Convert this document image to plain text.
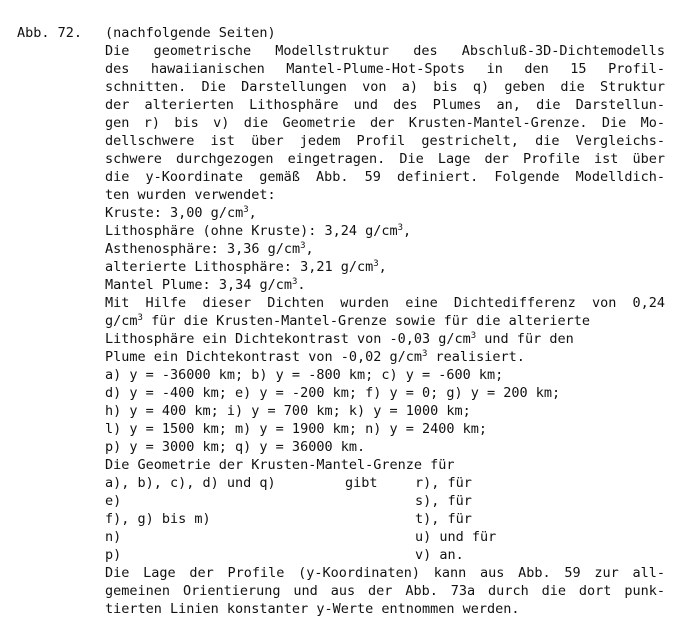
Abb. 72. (nachfolgende Seiten)
Die geometrische Modellstruktur des Abschluß-3D-Dichtemodells
des hawaiianischen Mantel-Plume-Hot-Spots in den 15 Profil-
schnitten. Die Darstellungen von a) bis q) geben die Struktur
der alterierten Lithosphäre und des Plumes an, die Darstellun-
gen r) bis v) die Geometrie der Krusten-Mantel-Grenze. Die Mo-
dellschwere ist über jedem Profil gestrichelt, die Vergleichs-
schwere durchgezogen eingetragen. Die Lage der Profile ist über
die y-Koordinate gemäß Abb. 59 definiert. Folgende Modelldich-
ten wurden verwendet:
Kruste: 3,00 $g/cm^3$,
Lithosphäre (ohne Kruste): 3,24 $g/cm^3$,
Asthenosphäre: 3,36 $g/cm^3$,
alterierte Lithosphäre: 3,21 $g/cm^3$,
Mantel Plume: 3,34 $g/cm^3$.
Mit Hilfe dieser Dichten wurden eine Dichtedifferenz von 0,24
$g/cm^3$ für die Krusten-Mantel-Grenze sowie für die alterierte
Lithosphäre ein Dichtekontrast von -0,03 $g/cm^3$ und für den
Plume ein Dichtekontrast von -0,02 $g/cm^3$ realisiert.
a) y = -36000 km; b) y = -800 km; c) y = -600 km;
d) y = -400 km; e) y = -200 km; f) y = 0; g) y = 200 km;
h) y = 400 km; i) y = 700 km; k) y = 1000 km;
l) y = 1500 km; m) y = 1900 km; n) y = 2400 km;
p) y = 3000 km; q) y = 36000 km.
Die Geometrie der Krusten-Mantel-Grenze für
a), b), c), d) und q)	gibt	r), für
e)	s), für
f), g) bis m)	t), für
n)	u) und für
p)	v) an.
Die Lage der Profile (y-Koordinaten) kann aus Abb. 59 zur all-
gemeinen Orientierung und aus der Abb. 73a durch die dort punk-
tierten Linien konstanter y-Werte entnommen werden.
